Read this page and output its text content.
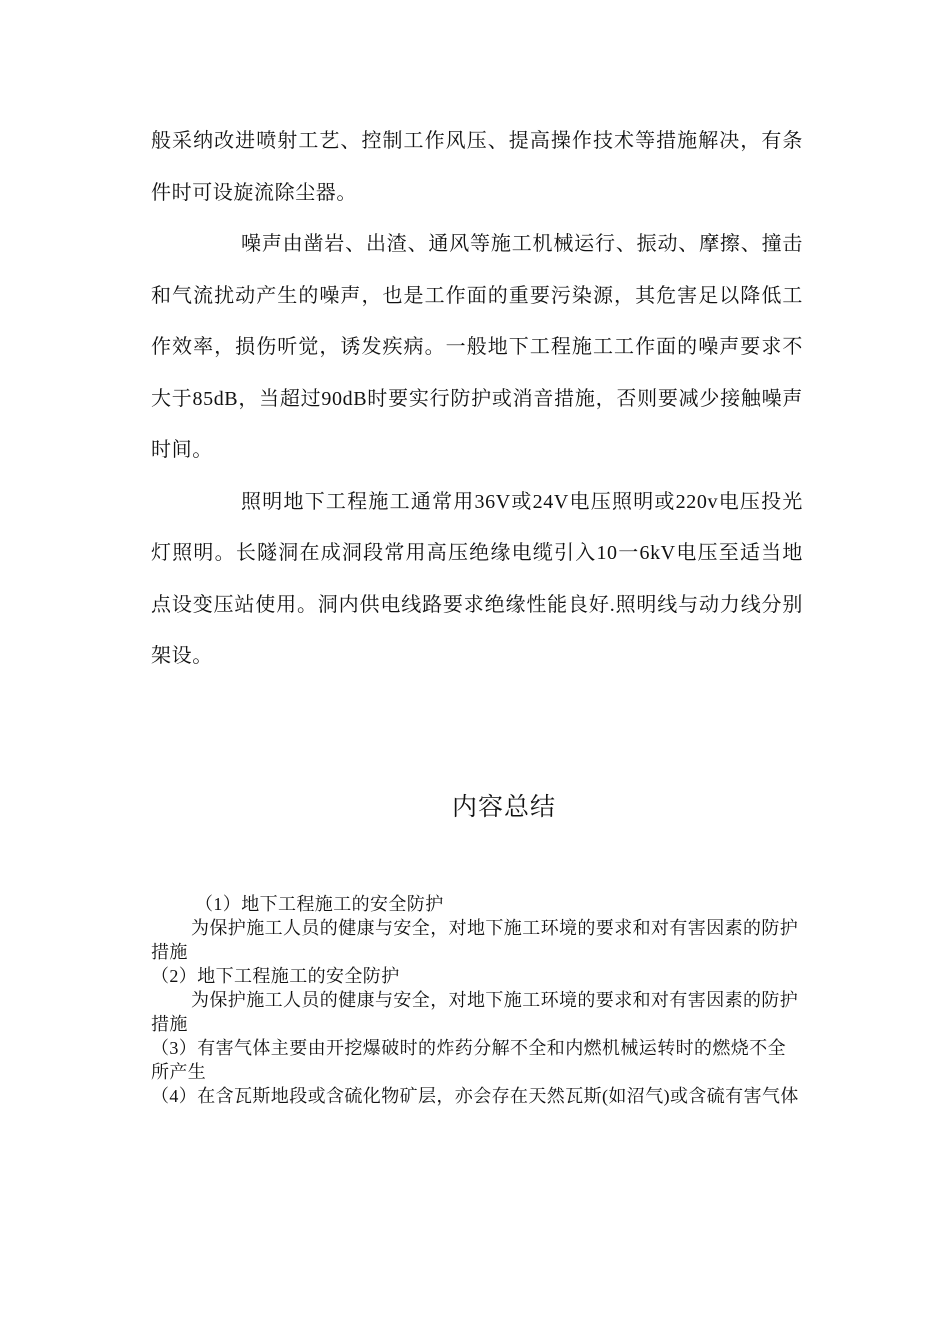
般采纳改进喷射工艺、控制工作风压、提高操作技术等措施解决，有条件时可设旋流除尘器。

噪声由凿岩、出渣、通风等施工机械运行、振动、摩擦、撞击和气流扰动产生的噪声，也是工作面的重要污染源，其危害足以降低工作效率，损伤听觉，诱发疾病。一般地下工程施工工作面的噪声要求不大于85dB，当超过90dB时要实行防护或消音措施，否则要减少接触噪声时间。

照明地下工程施工通常用36V或24V电压照明或220v电压投光灯照明。长隧洞在成洞段常用高压绝缘电缆引入10一6kV电压至适当地点设变压站使用。洞内供电线路要求绝缘性能良好.照明线与动力线分别架设。

内容总结

（1）地下工程施工的安全防护

为保护施工人员的健康与安全，对地下施工环境的要求和对有害因素的防护措施

（2）地下工程施工的安全防护

为保护施工人员的健康与安全，对地下施工环境的要求和对有害因素的防护措施

（3）有害气体主要由开挖爆破时的炸药分解不全和内燃机械运转时的燃烧不全所产生

（4）在含瓦斯地段或含硫化物矿层，亦会存在天然瓦斯(如沼气)或含硫有害气体
